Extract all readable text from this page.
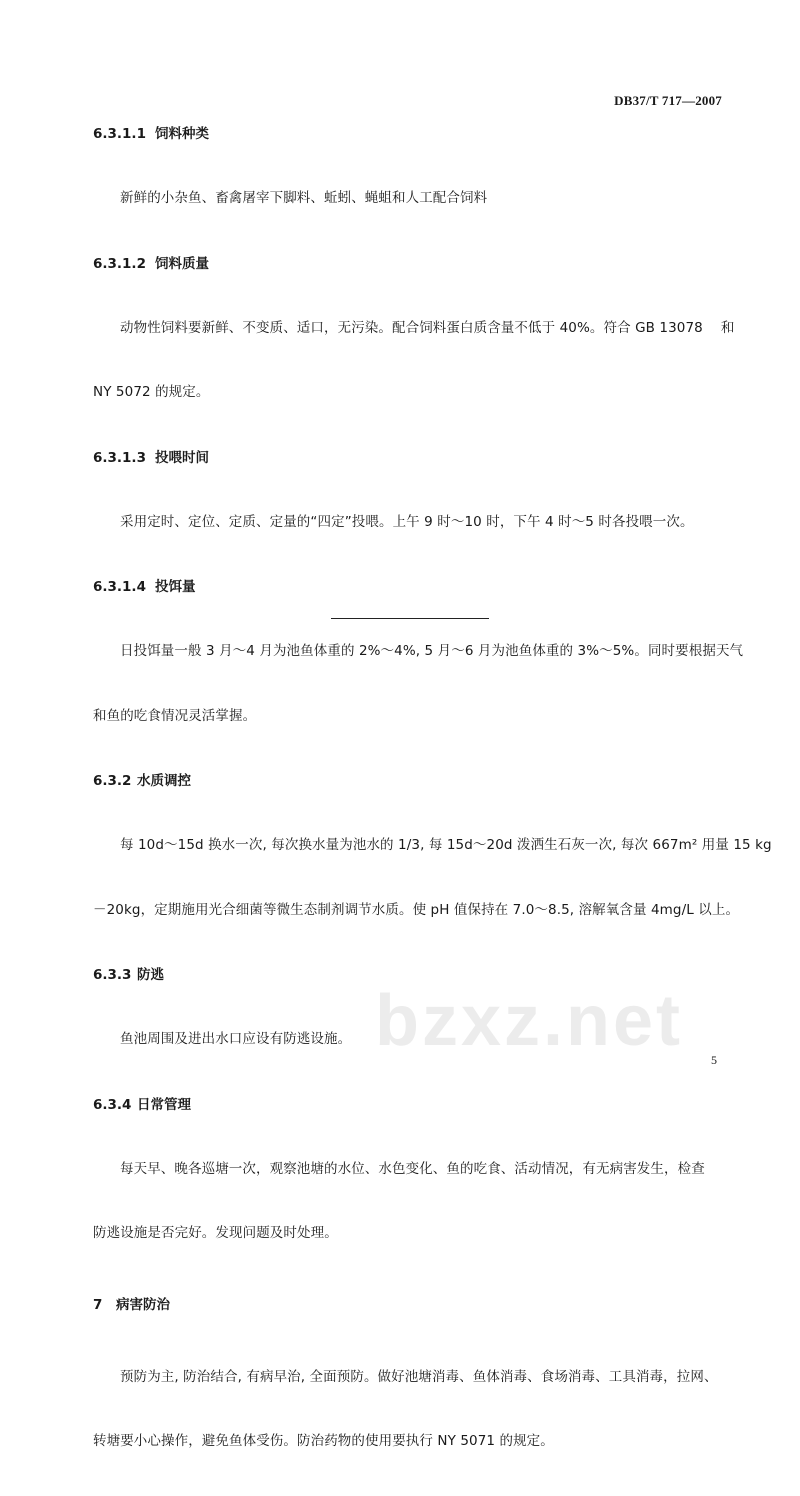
DB37/T 717—2007
6.3.1.1 饲料种类

新鲜的小杂鱼、畜禽屠宰下脚料、蚯蚓、蝇蛆和人工配合饲料

6.3.1.2 饲料质量

动物性饲料要新鲜、不变质、适口，无污染。配合饲料蛋白质含量不低于 40%。符合 GB 13078　 和

NY 5072 的规定。

6.3.1.3 投喂时间

采用定时、定位、定质、定量的“四定”投喂。上午 9 时～10 时，下午 4 时～5 时各投喂一次。

6.3.1.4 投饵量

日投饵量一般 3 月～4 月为池鱼体重的 2%～4%, 5 月～6 月为池鱼体重的 3%～5%。同时要根据天气

和鱼的吃食情况灵活掌握。

6.3.2 水质调控

每 10d～15d 换水一次, 每次换水量为池水的 1/3, 每 15d～20d 泼洒生石灰一次, 每次 667m² 用量 15 kg

－20kg，定期施用光合细菌等微生态制剂调节水质。使 pH 值保持在 7.0～8.5, 溶解氧含量 4mg/L 以上。

6.3.3 防逃

鱼池周围及进出水口应设有防逃设施。

6.3.4 日常管理

每天早、晚各巡塘一次，观察池塘的水位、水色变化、鱼的吃食、活动情况，有无病害发生，检查

防逃设施是否完好。发现问题及时处理。

7 病害防治

预防为主, 防治结合, 有病早治, 全面预防。做好池塘消毒、鱼体消毒、食场消毒、工具消毒，拉网、

转塘要小心操作，避免鱼体受伤。防治药物的使用要执行 NY 5071 的规定。

bzxz.net 5
